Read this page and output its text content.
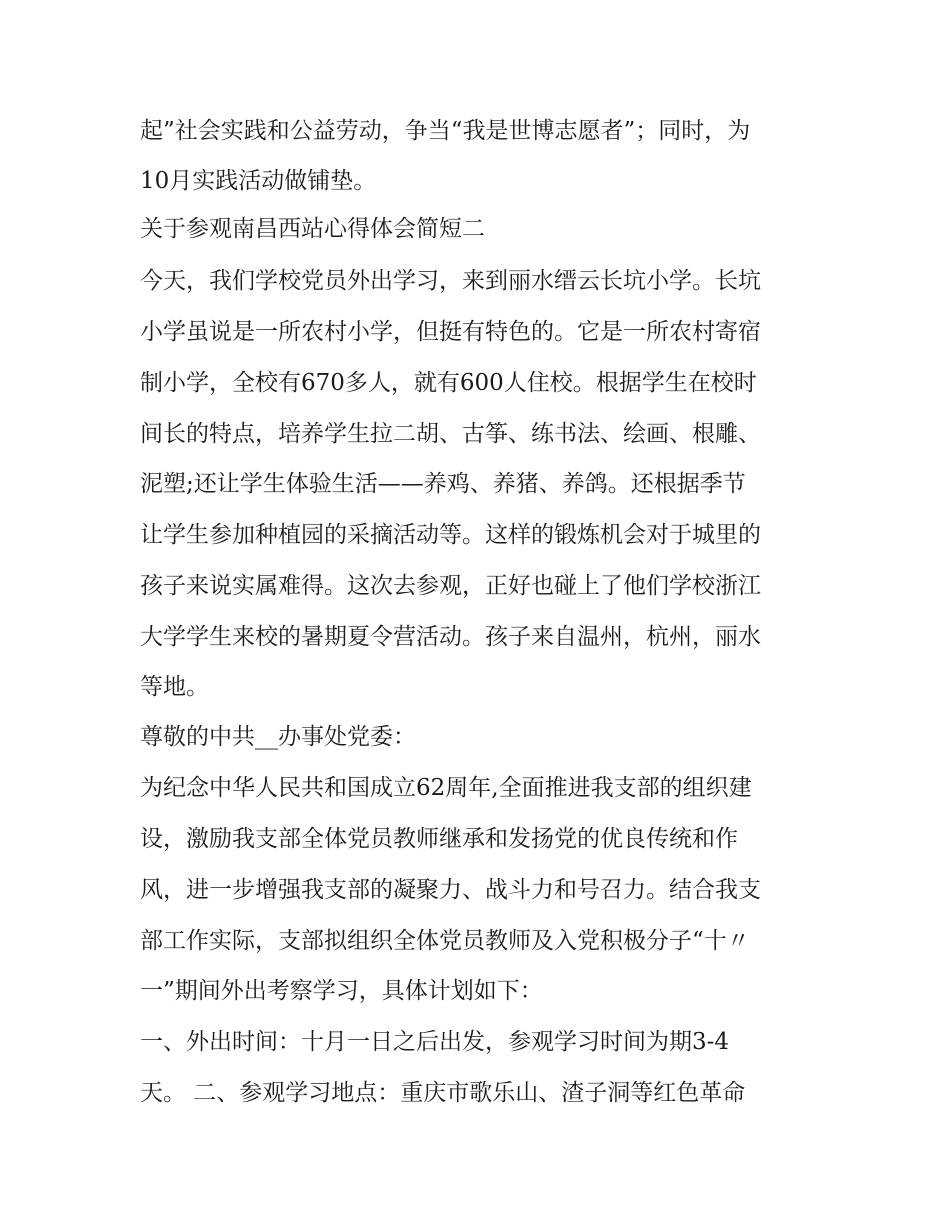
起”社会实践和公益劳动，争当“我是世博志愿者”；同时，为

10月实践活动做铺垫。

关于参观南昌西站心得体会简短二

今天，我们学校党员外出学习，来到丽水缙云长坑小学。长坑

小学虽说是一所农村小学，但挺有特色的。它是一所农村寄宿

制小学，全校有670多人，就有600人住校。根据学生在校时

间长的特点，培养学生拉二胡、古筝、练书法、绘画、根雕、

泥塑;还让学生体验生活——养鸡、养猪、养鸽。还根据季节

让学生参加种植园的采摘活动等。这样的锻炼机会对于城里的

孩子来说实属难得。这次去参观，正好也碰上了他们学校浙江

大学学生来校的暑期夏令营活动。孩子来自温州，杭州，丽水

等地。

尊敬的中共__办事处党委：

为纪念中华人民共和国成立62周年,全面推进我支部的组织建

设，激励我支部全体党员教师继承和发扬党的优良传统和作

风，进一步增强我支部的凝聚力、战斗力和号召力。结合我支

部工作实际，支部拟组织全体党员教师及入党积极分子“十〃

一”期间外出考察学习，具体计划如下：

一、外出时间：十月一日之后出发，参观学习时间为期3-4

天。 二、参观学习地点：重庆市歌乐山、渣子洞等红色革命
